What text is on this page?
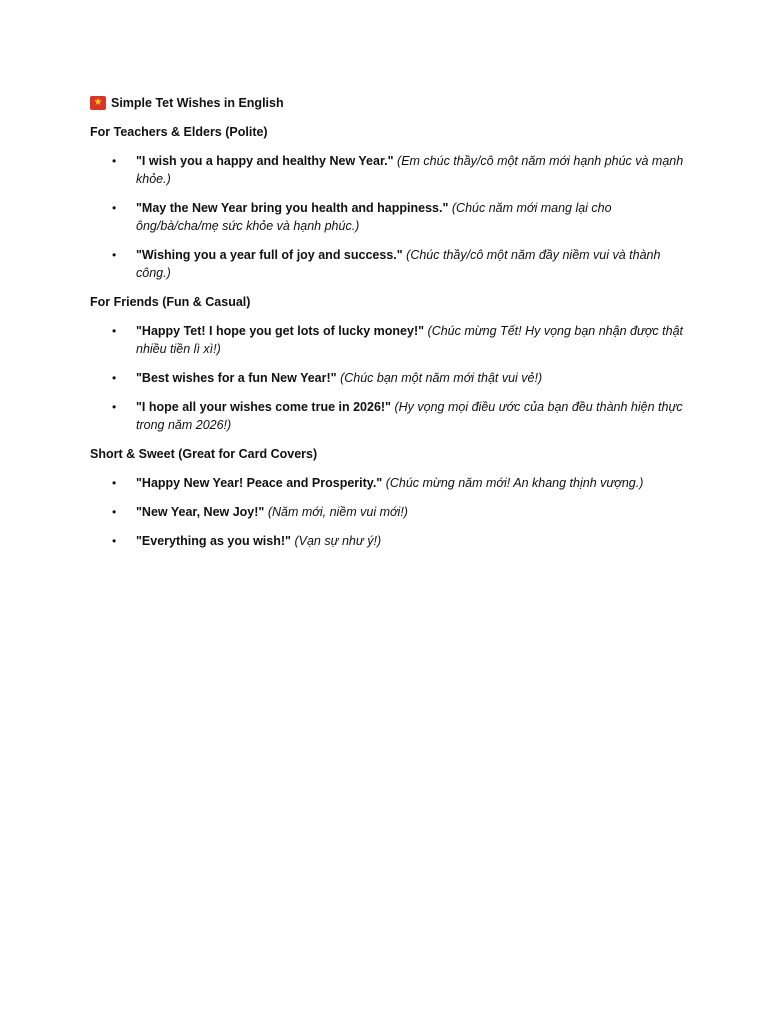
★
Simple Tet Wishes in English
For Teachers & Elders (Polite)
• "I wish you a happy and healthy New Year." (Em chúc thầy/cô một năm mới hạnh phúc và mạnh khỏe.)
• "May the New Year bring you health and happiness." (Chúc năm mới mang lại cho ông/bà/cha/mẹ sức khỏe và hạnh phúc.)
• "Wishing you a year full of joy and success." (Chúc thầy/cô một năm đầy niềm vui và thành công.)
For Friends (Fun & Casual)
• "Happy Tet! I hope you get lots of lucky money!" (Chúc mừng Tết! Hy vọng bạn nhận được thật nhiều tiền lì xì!)
• "Best wishes for a fun New Year!" (Chúc bạn một năm mới thật vui vẻ!)
• "I hope all your wishes come true in 2026!" (Hy vọng mọi điều ước của bạn đều thành hiện thực trong năm 2026!)
Short & Sweet (Great for Card Covers)
• "Happy New Year! Peace and Prosperity." (Chúc mừng năm mới! An khang thịnh vượng.)
• "New Year, New Joy!" (Năm mới, niềm vui mới!)
• "Everything as you wish!" (Vạn sự như ý!)
